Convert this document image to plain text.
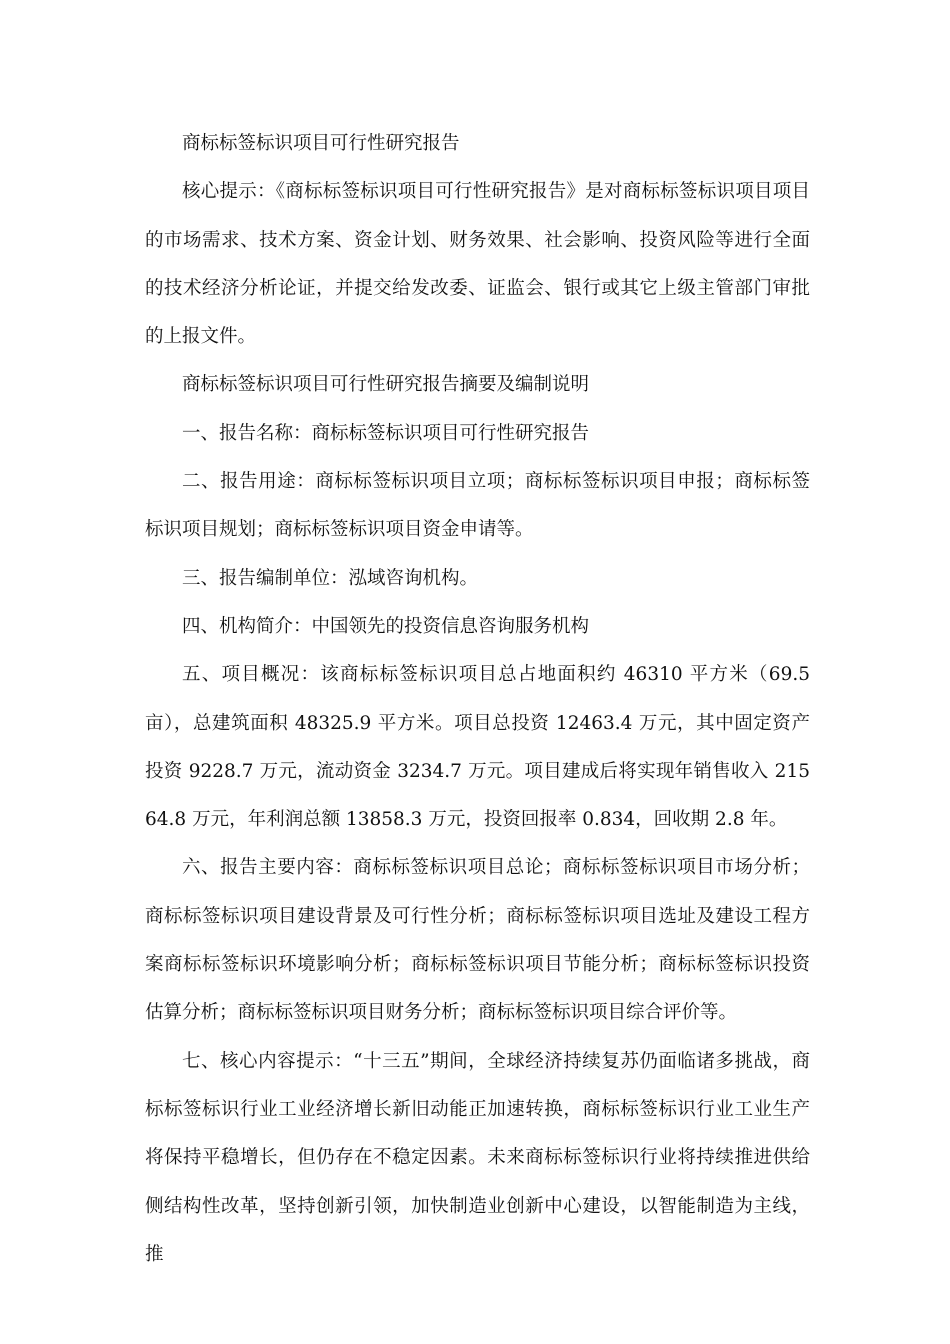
商标标签标识项目可行性研究报告

核心提示：《商标标签标识项目可行性研究报告》是对商标标签标识项目项目的市场需求、技术方案、资金计划、财务效果、社会影响、投资风险等进行全面的技术经济分析论证，并提交给发改委、证监会、银行或其它上级主管部门审批的上报文件。

商标标签标识项目可行性研究报告摘要及编制说明

一、报告名称：商标标签标识项目可行性研究报告

二、报告用途：商标标签标识项目立项；商标标签标识项目申报；商标标签标识项目规划；商标标签标识项目资金申请等。

三、报告编制单位：泓域咨询机构。

四、机构简介：中国领先的投资信息咨询服务机构

五、项目概况：该商标标签标识项目总占地面积约 46310 平方米（69.5 亩），总建筑面积 48325.9 平方米。项目总投资 12463.4 万元，其中固定资产投资 9228.7 万元，流动资金 3234.7 万元。项目建成后将实现年销售收入 21564.8 万元，年利润总额 13858.3 万元，投资回报率 0.834，回收期 2.8 年。

六、报告主要内容：商标标签标识项目总论；商标标签标识项目市场分析；商标标签标识项目建设背景及可行性分析；商标标签标识项目选址及建设工程方案商标标签标识环境影响分析；商标标签标识项目节能分析；商标标签标识投资估算分析；商标标签标识项目财务分析；商标标签标识项目综合评价等。

七、核心内容提示：“十三五”期间，全球经济持续复苏仍面临诸多挑战，商标标签标识行业工业经济增长新旧动能正加速转换，商标标签标识行业工业生产将保持平稳增长，但仍存在不稳定因素。未来商标标签标识行业将持续推进供给侧结构性改革，坚持创新引领，加快制造业创新中心建设，以智能制造为主线，推
